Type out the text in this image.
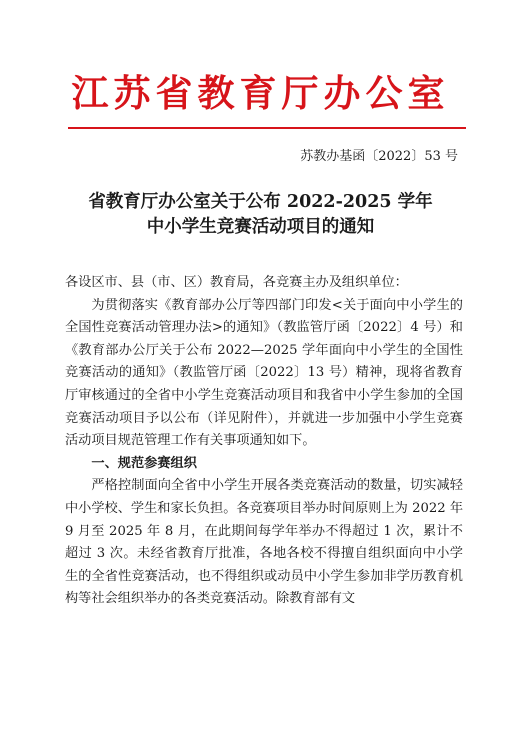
江苏省教育厅办公室
苏教办基函〔2022〕53 号
省教育厅办公室关于公布 2022-2025 学年
中小学生竞赛活动项目的通知

各设区市、县（市、区）教育局，各竞赛主办及组织单位：

为贯彻落实《教育部办公厅等四部门印发<关于面向中小学生的全国性竞赛活动管理办法>的通知》（教监管厅函〔2022〕4 号）和《教育部办公厅关于公布 2022—2025 学年面向中小学生的全国性竞赛活动的通知》（教监管厅函〔2022〕13 号）精神，现将省教育厅审核通过的全省中小学生竞赛活动项目和我省中小学生参加的全国竞赛活动项目予以公布（详见附件），并就进一步加强中小学生竞赛活动项目规范管理工作有关事项通知如下。

一、规范参赛组织

严格控制面向全省中小学生开展各类竞赛活动的数量，切实减轻中小学校、学生和家长负担。各竞赛项目举办时间原则上为 2022 年 9 月至 2025 年 8 月，在此期间每学年举办不得超过 1 次，累计不超过 3 次。未经省教育厅批准，各地各校不得擅自组织面向中小学生的全省性竞赛活动，也不得组织或动员中小学生参加非学历教育机构等社会组织举办的各类竞赛活动。除教育部有文
